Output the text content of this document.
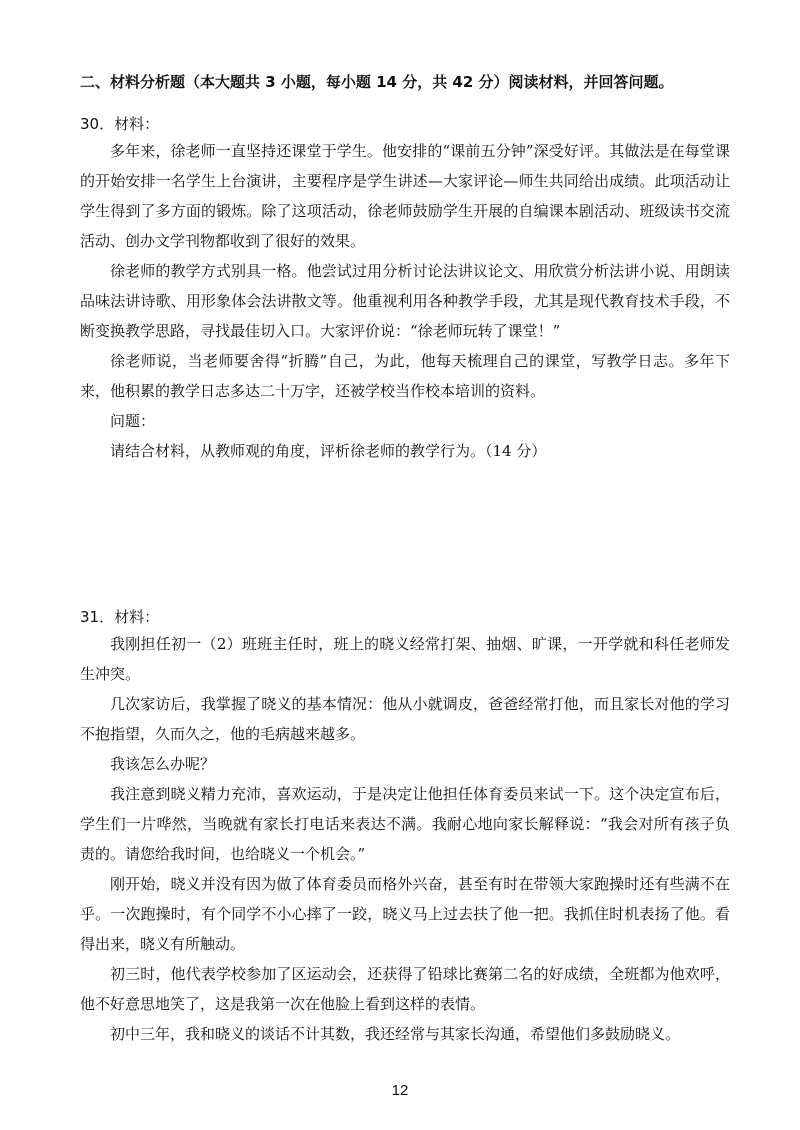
二、材料分析题（本大题共 3 小题，每小题 14 分，共 42 分）阅读材料，并回答问题。
30．材料：

多年来，徐老师一直坚持还课堂于学生。他安排的“课前五分钟”深受好评。其做法是在每堂课的开始安排一名学生上台演讲，主要程序是学生讲述—大家评论—师生共同给出成绩。此项活动让学生得到了多方面的锻炼。除了这项活动，徐老师鼓励学生开展的自编课本剧活动、班级读书交流活动、创办文学刊物都收到了很好的效果。

徐老师的教学方式别具一格。他尝试过用分析讨论法讲议论文、用欣赏分析法讲小说、用朗读品味法讲诗歌、用形象体会法讲散文等。他重视利用各种教学手段，尤其是现代教育技术手段，不断变换教学思路，寻找最佳切入口。大家评价说：“徐老师玩转了课堂！”

徐老师说，当老师要舍得“折腾”自己，为此，他每天梳理自己的课堂，写教学日志。多年下来，他积累的教学日志多达二十万字，还被学校当作校本培训的资料。

问题：

请结合材料，从教师观的角度，评析徐老师的教学行为。（14 分）

31．材料：

我刚担任初一（2）班班主任时，班上的晓义经常打架、抽烟、旷课，一开学就和科任老师发生冲突。

几次家访后，我掌握了晓义的基本情况：他从小就调皮，爸爸经常打他，而且家长对他的学习不抱指望，久而久之，他的毛病越来越多。

我该怎么办呢？

我注意到晓义精力充沛，喜欢运动，于是决定让他担任体育委员来试一下。这个决定宣布后，学生们一片哗然，当晚就有家长打电话来表达不满。我耐心地向家长解释说：“我会对所有孩子负责的。请您给我时间，也给晓义一个机会。”

刚开始，晓义并没有因为做了体育委员而格外兴奋，甚至有时在带领大家跑操时还有些满不在乎。一次跑操时，有个同学不小心摔了一跤，晓义马上过去扶了他一把。我抓住时机表扬了他。看得出来，晓义有所触动。

初三时，他代表学校参加了区运动会，还获得了铅球比赛第二名的好成绩，全班都为他欢呼，他不好意思地笑了，这是我第一次在他脸上看到这样的表情。

初中三年，我和晓义的谈话不计其数，我还经常与其家长沟通，希望他们多鼓励晓义。

12
